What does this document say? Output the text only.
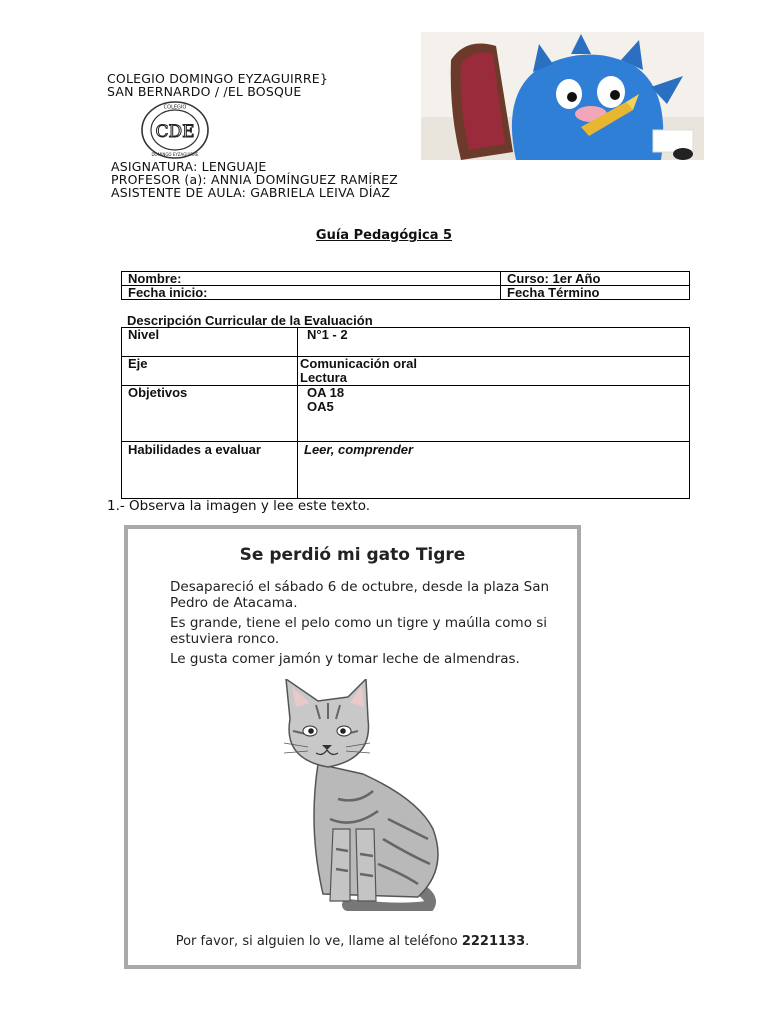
COLEGIO DOMINGO EYZAGUIRRE}
SAN BERNARDO / /EL BOSQUE
CDE
COLEGIO
DOMINGO EYZAGUIRRE
ASIGNATURA: LENGUAJE
PROFESOR (a): ANNIA DOMÍNGUEZ RAMÍREZ
ASISTENTE DE AULA: GABRIELA LEIVA DÍAZ
Guía Pedagógica 5
Nombre:	Curso: 1er Año
Fecha inicio:	Fecha Término
Descripción Curricular de la Evaluación
Nivel	N°1 - 2
Eje	Comunicación oral
Lectura

Objetivos	OA 18
OA5

Habilidades a evaluar	Leer, comprender
1.- Observa la imagen y lee este texto.
Se perdió mi gato Tigre
Desapareció el sábado 6 de octubre, desde la plaza San Pedro de Atacama.
Es grande, tiene el pelo como un tigre y maúlla como si estuviera ronco.
Le gusta comer jamón y tomar leche de almendras.
Por favor, si alguien lo ve, llame al teléfono 2221133.
